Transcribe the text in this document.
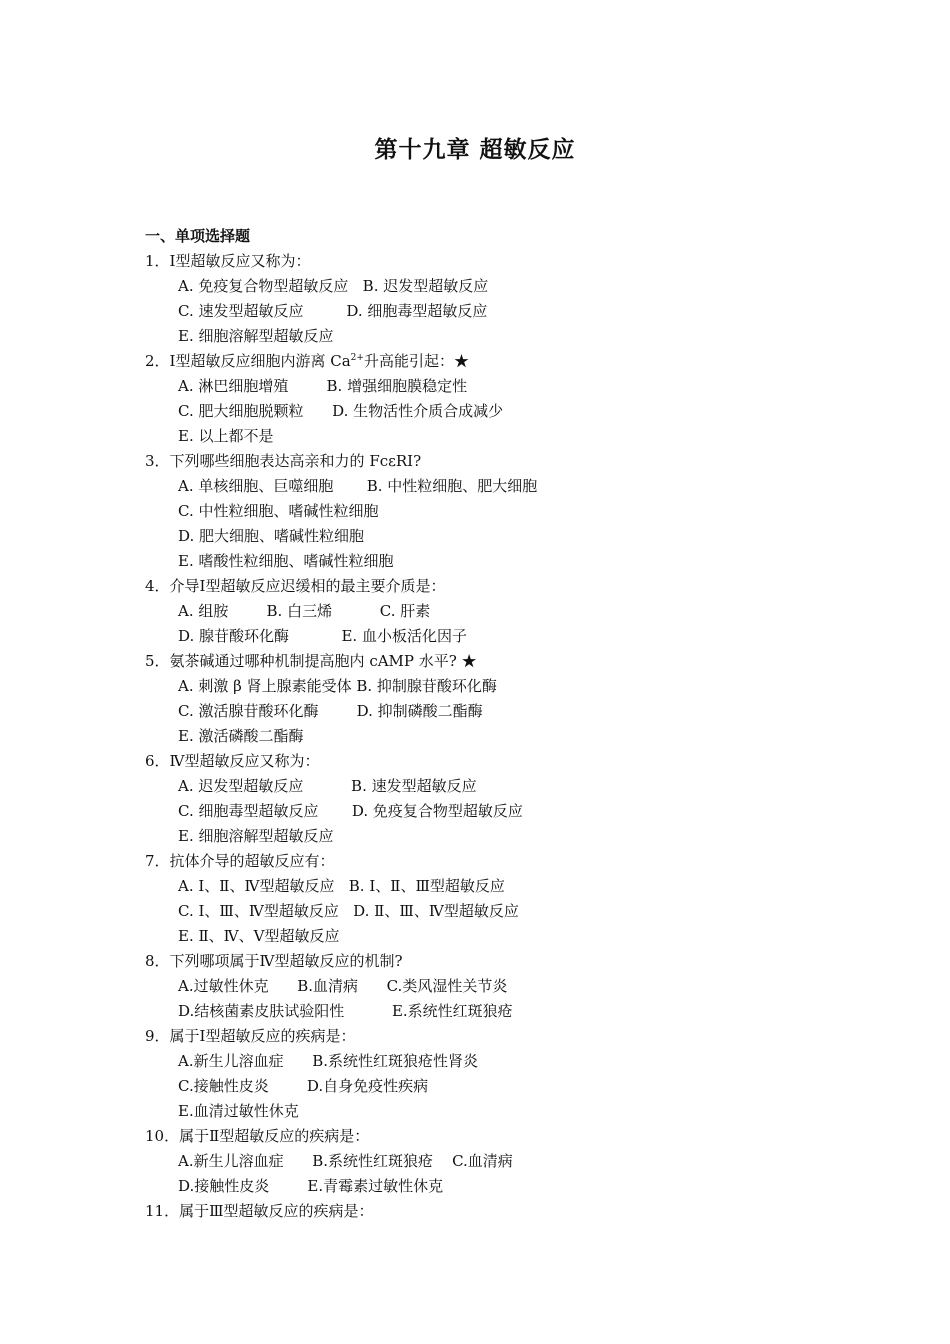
第十九章 超敏反应
一、单项选择题
1．Ⅰ型超敏反应又称为：
A. 免疫复合物型超敏反应   B. 迟发型超敏反应
C. 速发型超敏反应         D. 细胞毒型超敏反应
E. 细胞溶解型超敏反应
2．Ⅰ型超敏反应细胞内游离 $Ca^{2+}$升高能引起：★
A. 淋巴细胞增殖        B. 增强细胞膜稳定性
C. 肥大细胞脱颗粒      D. 生物活性介质合成减少
E. 以上都不是
3．下列哪些细胞表达高亲和力的 FcεRⅠ?
A. 单核细胞、巨噬细胞       B. 中性粒细胞、肥大细胞
C. 中性粒细胞、嗜碱性粒细胞
D. 肥大细胞、嗜碱性粒细胞
E. 嗜酸性粒细胞、嗜碱性粒细胞
4．介导Ⅰ型超敏反应迟缓相的最主要介质是：
A. 组胺        B. 白三烯          C. 肝素
D. 腺苷酸环化酶           E. 血小板活化因子
5．氨茶碱通过哪种机制提高胞内 cAMP 水平? ★
A. 刺激 β 肾上腺素能受体 B. 抑制腺苷酸环化酶
C. 激活腺苷酸环化酶        D. 抑制磷酸二酯酶
E. 激活磷酸二酯酶
6．Ⅳ型超敏反应又称为：
A. 迟发型超敏反应          B. 速发型超敏反应
C. 细胞毒型超敏反应       D. 免疫复合物型超敏反应
E. 细胞溶解型超敏反应
7．抗体介导的超敏反应有：
A. Ⅰ、Ⅱ、Ⅳ型超敏反应   B. Ⅰ、Ⅱ、Ⅲ型超敏反应
C. Ⅰ、Ⅲ、Ⅳ型超敏反应   D. Ⅱ、Ⅲ、Ⅳ型超敏反应
E. Ⅱ、Ⅳ、Ⅴ型超敏反应
8．下列哪项属于Ⅳ型超敏反应的机制?
A.过敏性休克      B.血清病      C.类风湿性关节炎
D.结核菌素皮肤试验阳性          E.系统性红斑狼疮
9．属于Ⅰ型超敏反应的疾病是：
A.新生儿溶血症      B.系统性红斑狼疮性肾炎
C.接触性皮炎        D.自身免疫性疾病
E.血清过敏性休克
10．属于Ⅱ型超敏反应的疾病是：
A.新生儿溶血症      B.系统性红斑狼疮    C.血清病
D.接触性皮炎        E.青霉素过敏性休克
11．属于Ⅲ型超敏反应的疾病是：
